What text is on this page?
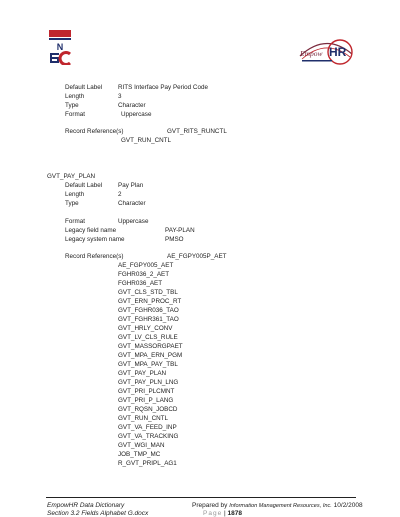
N
Empow HR
Default Label	RITS Interface Pay Period Code
Length	3
Type	Character
Format	Uppercase
Record Reference(s)	GVT_RITS_RUNCTL
GVT_RUN_CNTL
GVT_PAY_PLAN
Default Label	Pay Plan
Length	2
Type	Character
Format	Uppercase
Legacy field name	PAY-PLAN
Legacy system name	PMSO
Record Reference(s)	AE_FGPY005P_AET
AE_FGPY005_AET
FGHR036_2_AET
FGHR036_AET
GVT_CLS_STD_TBL
GVT_ERN_PROC_RT
GVT_FGHR036_TAO
GVT_FGHR361_TAO
GVT_HRLY_CONV
GVT_LV_CLS_RULE
GVT_MASSORGPAET
GVT_MPA_ERN_PGM
GVT_MPA_PAY_TBL
GVT_PAY_PLAN
GVT_PAY_PLN_LNG
GVT_PRI_PLCMNT
GVT_PRI_P_LANG
GVT_RQSN_JOBCD
GVT_RUN_CNTL
GVT_VA_FEED_INP
GVT_VA_TRACKING
GVT_WGI_MAN
JOB_TMP_MC
R_GVT_PRIPL_AG1
EmpowHR Data Dictionary	Prepared by Information Management Resources, Inc. 10/2/2008
Section 3.2 Fields Alphabet G.docx	Page | 1878
